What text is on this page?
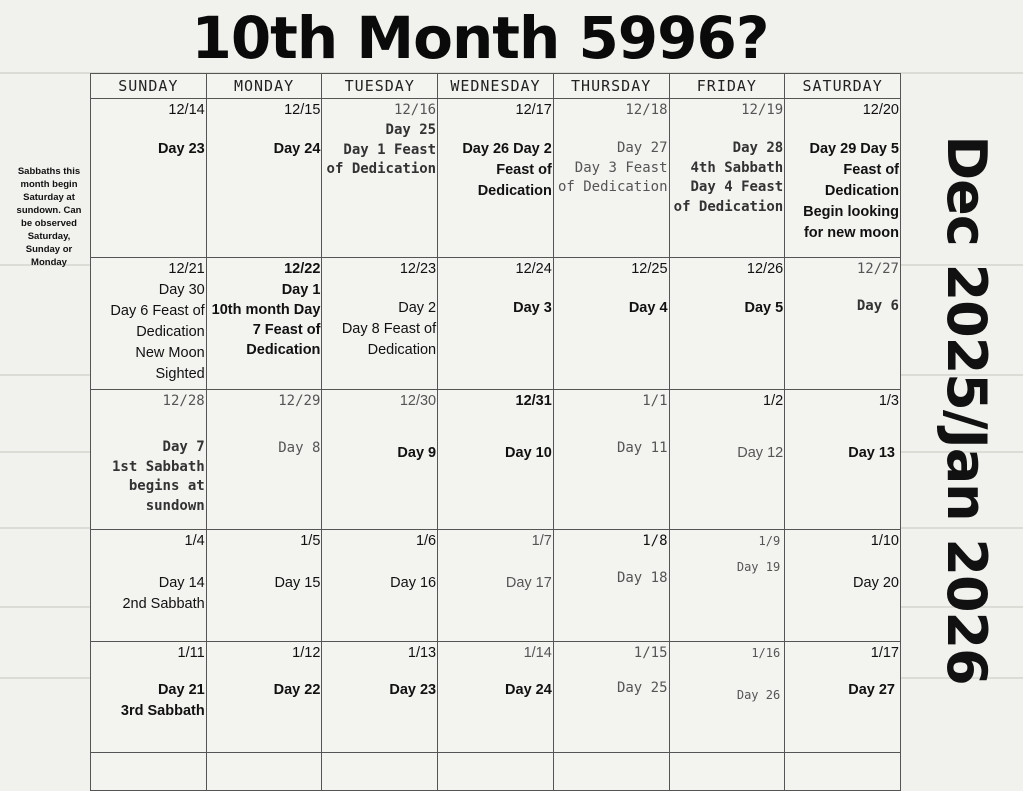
10th Month 5996?
Sabbaths this month begin Saturday at sundown. Can be observed Saturday, Sunday or Monday	Dec 2025/Jan 2026
SUNDAY	MONDAY	TUESDAY	WEDNESDAY	THURSDAY	FRIDAY	SATURDAY

12/14
Day 23	12/15
Day 24	12/16
Day 25
Day 1 Feast of Dedication	12/17
Day 26 Day 2 Feast of Dedication	12/18
Day 27
Day 3 Feast of Dedication	12/19
Day 28
4th Sabbath
Day 4 Feast of Dedication	12/20
Day 29 Day 5 Feast of Dedication
Begin looking for new moon

12/21
Day 30
Day 6 Feast of Dedication
New Moon Sighted	12/22
Day 1
10th month Day 7 Feast of Dedication	12/23
Day 2
Day 8 Feast of Dedication	12/24
Day 3	12/25
Day 4	12/26
Day 5	12/27
Day 6

12/28
Day 7
1st Sabbath begins at sundown	12/29
Day 8	12/30
Day 9	12/31
Day 10	1/1
Day 11	1/2
Day 12	1/3
Day 13

1/4
Day 14
2nd Sabbath	1/5
Day 15	1/6
Day 16	1/7
Day 17	1/8
Day 18	1/9
Day 19	1/10
Day 20

1/11
Day 21
3rd Sabbath	1/12
Day 22	1/13
Day 23	1/14
Day 24	1/15
Day 25	1/16
Day 26	1/17
Day 27
